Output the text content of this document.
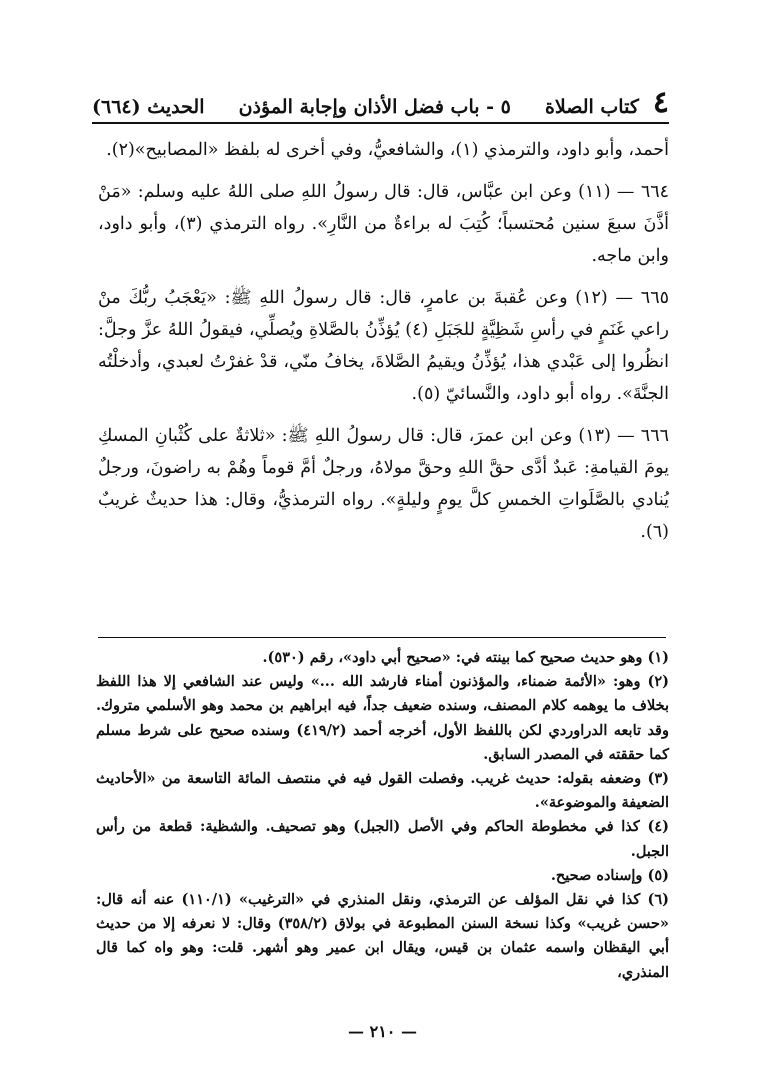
٤
كتاب الصلاة
٥ - باب فضل الأذان وإجابة المؤذن
الحديث (٦٦٤)

أحمد، وأبو داود، والترمذي (١)، والشافعيُّ، وفي أخرى له بلفظ «المصابيح»(٢).

٦٦٤ — (١١) وعن ابن عبَّاس، قال: قال رسولُ اللهِ صلى اللهُ عليه وسلم: «مَنْ أذَّنَ سبعَ سنين مُحتسباً؛ كُتِبَ له براءةٌ من النَّارِ». رواه الترمذي (٣)، وأبو داود، وابن ماجه.

٦٦٥ — (١٢) وعن عُقبةَ بن عامرٍ، قال: قال رسولُ اللهِ ﷺ: «يَعْجَبُ ربُّكَ منْ راعي غَنَمٍ في رأسِ شَظِيَّةٍ للجَبَلِ (٤) يُؤذِّنُ بالصَّلاةِ ويُصلِّي، فيقولُ اللهُ عزَّ وجلَّ: انظُروا إلى عَبْدي هذا، يُؤذِّنُ ويقيمُ الصَّلاةَ، يخافُ منّي، قدْ غفرْتُ لعبدي، وأدخلْتُه الجنَّةَ». رواه أبو داود، والنَّسائيّ (٥).

٦٦٦ — (١٣) وعن ابن عمرَ، قال: قال رسولُ اللهِ ﷺ: «ثلاثةٌ على كُثْبانِ المسكِ يومَ القيامةِ: عَبدٌ أدَّى حقَّ اللهِ وحقَّ مولاهُ، ورجلٌ أمَّ قوماً وهُمْ به راضونَ، ورجلٌ يُنادي بالصَّلَواتِ الخمسِ كلَّ يومٍ وليلةٍ». رواه الترمذيُّ، وقال: هذا حديثٌ غريبٌ (٦).

(١) وهو حديث صحيح كما بينته في: «صحيح أبي داود»، رقم (٥٣٠).

(٢) وهو: «الأئمة ضمناء، والمؤذنون أمناء فارشد الله ...» وليس عند الشافعي إلا هذا اللفظ بخلاف ما يوهمه كلام المصنف، وسنده ضعيف جداً، فيه ابراهيم بن محمد وهو الأسلمي متروك. وقد تابعه الدراوردي لكن باللفظ الأول، أخرجه أحمد (٤١٩/٢) وسنده صحيح على شرط مسلم كما حققته في المصدر السابق.

(٣) وضعفه بقوله: حديث غريب. وفصلت القول فيه في منتصف المائة التاسعة من «الأحاديث الضعيفة والموضوعة».

(٤) كذا في مخطوطة الحاكم وفي الأصل (الجبل) وهو تصحيف. والشظية: قطعة من رأس الجبل.

(٥) وإسناده صحيح.

(٦) كذا في نقل المؤلف عن الترمذي، ونقل المنذري في «الترغيب» (١١٠/١) عنه أنه قال: «حسن غريب» وكذا نسخة السنن المطبوعة في بولاق (٣٥٨/٢) وقال: لا نعرفه إلا من حديث أبي اليقظان واسمه عثمان بن قيس، ويقال ابن عمير وهو أشهر. قلت: وهو واه كما قال المنذري،

— ٢١٠ —
